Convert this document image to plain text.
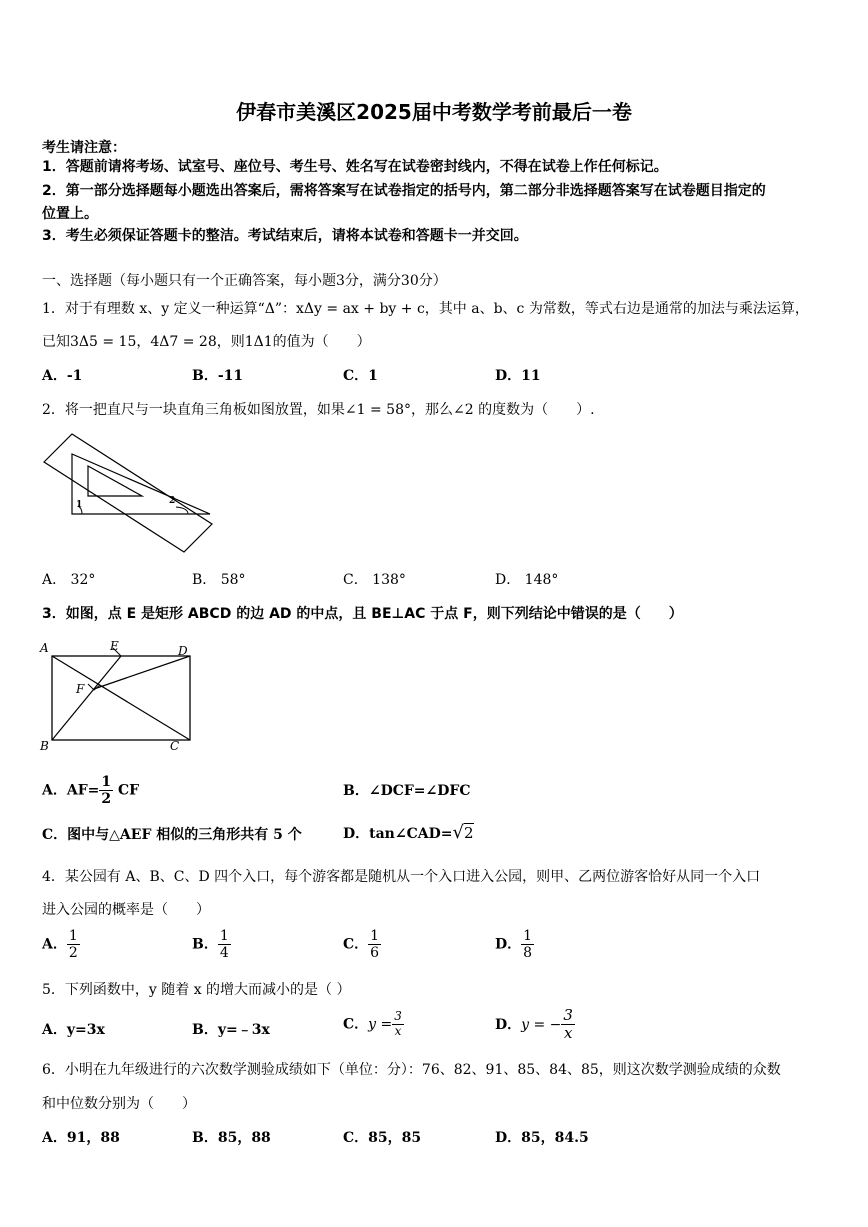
伊春市美溪区2025届中考数学考前最后一卷
考生请注意：
1．答题前请将考场、试室号、座位号、考生号、姓名写在试卷密封线内，不得在试卷上作任何标记。
2．第一部分选择题每小题选出答案后，需将答案写在试卷指定的括号内，第二部分非选择题答案写在试卷题目指定的
位置上。
3．考生必须保证答题卡的整洁。考试结束后，请将本试卷和答题卡一并交回。
一、选择题（每小题只有一个正确答案，每小题3分，满分30分）
1．对于有理数 x、y 定义一种运算“Δ”：xΔy = ax + by + c，其中 a、b、c 为常数，等式右边是通常的加法与乘法运算，
已知3Δ5 = 15，4Δ7 = 28，则1Δ1的值为（　　）
A．-1	B．-11	C．1	D．11
2．将一把直尺与一块直角三角板如图放置，如果∠1 = 58°，那么∠2 的度数为（　　）.
1	2
A． 32°	B． 58°	C． 138°	D． 148°
3．如图，点 E 是矩形 ABCD 的边 AD 的中点，且 BE⊥AC 于点 F，则下列结论中错误的是（　　）
A	E	D
F
B	C
A．$AF= \frac{1}{2}$ CF	B．∠DCF=∠DFC
C．图中与△AEF 相似的三角形共有 5 个	D．tan∠CAD=√2
4．某公园有 A、B、C、D 四个入口，每个游客都是随机从一个入口进入公园，则甲、乙两位游客恰好从同一个入口
进入公园的概率是（　　）
A． $\frac{1}{2}$	B． $\frac{1}{4}$	C． $\frac{1}{6}$	D． $\frac{1}{8}$
5．下列函数中，y 随着 x 的增大而减小的是（ ）
A．y=3x	B．y=﹣3x	C．$y = \frac{3}{x}$	D．y = − $\frac{3}{x}$
6．小明在九年级进行的六次数学测验成绩如下（单位：分）：76、82、91、85、84、85，则这次数学测验成绩的众数
和中位数分别为（　　）
A．91，88	B．85，88	C．85，85	D．85，84.5
